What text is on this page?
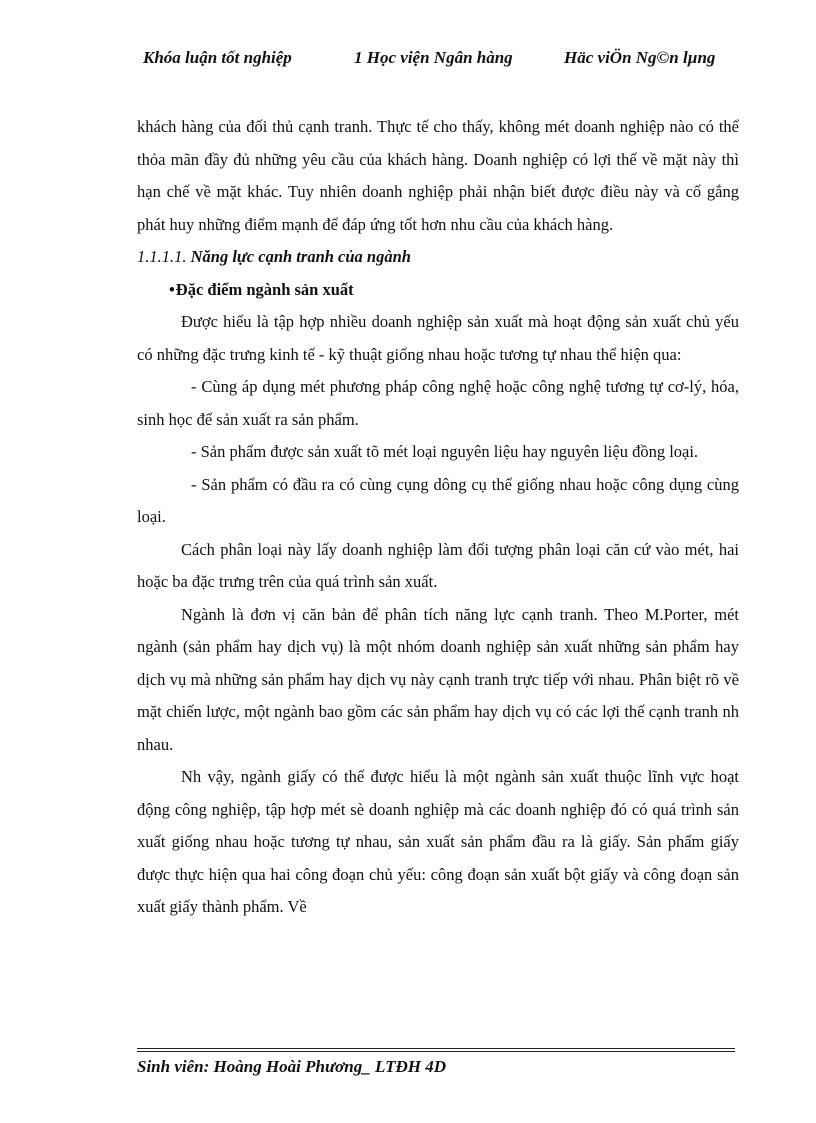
Khóa luận tốt nghiệp	1 Học viện Ngân hàng	Häc viÖn Ng©n lµng

khách hàng của đối thủ cạnh tranh. Thực tế cho thấy, không mét doanh nghiệp nào có thể thỏa mãn đầy đủ những yêu cầu của khách hàng. Doanh nghiệp có lợi thế về mặt này thì hạn chế về mặt khác. Tuy nhiên doanh nghiệp phải nhận biết được điều này và cố gắng phát huy những điểm mạnh để đáp ứng tốt hơn nhu cầu của khách hàng.

1.1.1.1. Năng lực cạnh tranh của ngành

•Đặc điểm ngành sản xuất

Được hiểu là tập hợp nhiều doanh nghiệp sản xuất mà hoạt động sản xuất chủ yếu có những đặc trưng kinh tế - kỹ thuật giống nhau hoặc tương tự nhau thể hiện qua:

- Cùng áp dụng mét phương pháp công nghệ hoặc công nghệ tương tự cơ-lý, hóa, sinh học để sản xuất ra sản phẩm.

- Sản phẩm được sản xuất tõ mét loại nguyên liệu hay nguyên liệu đồng loại.

- Sản phẩm có đầu ra có cùng cụng dông cụ thể giống nhau hoặc công dụng cùng loại.

Cách phân loại này lấy doanh nghiệp làm đối tượng phân loại căn cứ vào mét, hai hoặc ba đặc trưng trên của quá trình sản xuất.

Ngành là đơn vị căn bản để phân tích năng lực cạnh tranh. Theo M.Porter, mét ngành (sản phẩm hay dịch vụ) là một nhóm doanh nghiệp sản xuất những sản phẩm hay dịch vụ mà những sản phẩm hay dịch vụ này cạnh tranh trực tiếp với nhau. Phân biệt rõ về mặt chiến lược, một ngành bao gồm các sản phẩm hay dịch vụ có các lợi thế cạnh tranh nh nhau.

Nh vậy, ngành giấy có thể được hiểu là một ngành sản xuất thuộc lĩnh vực hoạt động công nghiệp, tập hợp mét sè doanh nghiệp mà các doanh nghiệp đó có quá trình sản xuất giống nhau hoặc tương tự nhau, sản xuất sản phẩm đầu ra là giấy. Sản phẩm giấy được thực hiện qua hai công đoạn chủ yếu: công đoạn sản xuất bột giấy và công đoạn sản xuất giấy thành phẩm. Về

Sinh viên: Hoàng Hoài Phương_ LTĐH 4D
